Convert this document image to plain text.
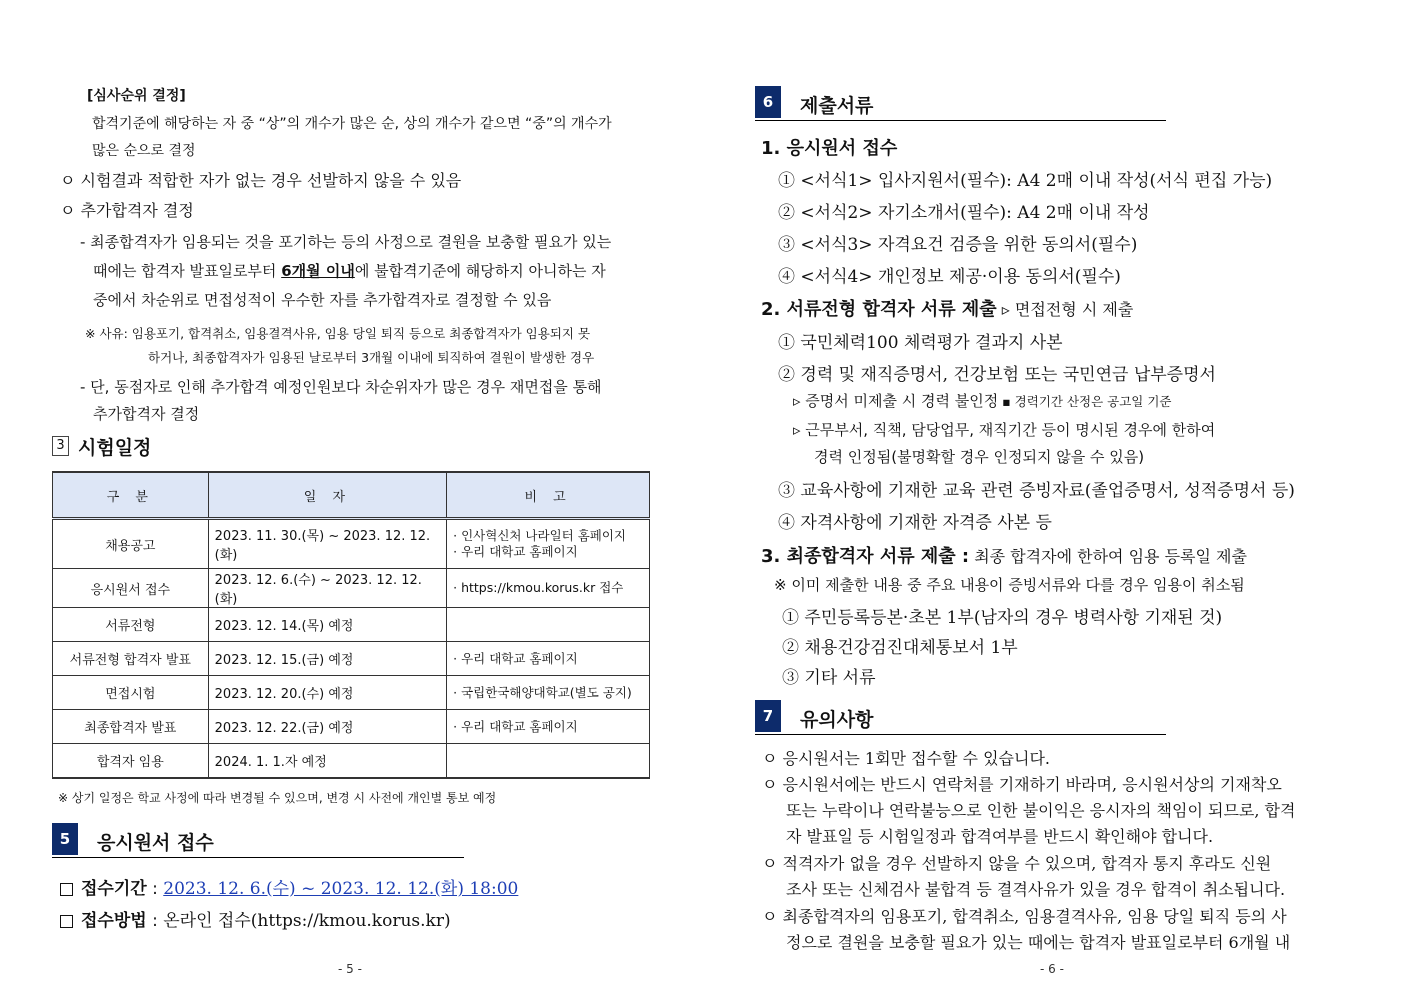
[심사순위 결정]
합격기준에 해당하는 자 중 “상”의 개수가 많은 순, 상의 개수가 같으면 “중”의 개수가
많은 순으로 결정
ㅇ 시험결과 적합한 자가 없는 경우 선발하지 않을 수 있음
ㅇ 추가합격자 결정
- 최종합격자가 임용되는 것을 포기하는 등의 사정으로 결원을 보충할 필요가 있는
때에는 합격자 발표일로부터 6개월 이내에 불합격기준에 해당하지 아니하는 자
중에서 차순위로 면접성적이 우수한 자를 추가합격자로 결정할 수 있음
※ 사유: 임용포기, 합격취소, 임용결격사유, 임용 당일 퇴직 등으로 최종합격자가 임용되지 못
하거나, 최종합격자가 임용된 날로부터 3개월 이내에 퇴직하여 결원이 발생한 경우
- 단, 동점자로 인해 추가합격 예정인원보다 차순위자가 많은 경우 재면접을 통해
추가합격자 결정
3 시험일정
구 분	일 자	비 고
채용공고	2023. 11. 30.(목) ~ 2023. 12. 12.(화)	· 인사혁신처 나라일터 홈페이지
· 우리 대학교 홈페이지

응시원서 접수	2023. 12. 6.(수) ~ 2023. 12. 12.(화)	· https://kmou.korus.kr 접수
서류전형	2023. 12. 14.(목) 예정	
서류전형 합격자 발표	2023. 12. 15.(금) 예정	· 우리 대학교 홈페이지
면접시험	2023. 12. 20.(수) 예정	· 국립한국해양대학교(별도 공지)
최종합격자 발표	2023. 12. 22.(금) 예정	· 우리 대학교 홈페이지
합격자 임용	2024. 1. 1.자 예정	
※ 상기 일정은 학교 사정에 따라 변경될 수 있으며, 변경 시 사전에 개인별 통보 예정
5	응시원서 접수
접수기간 : 2023. 12. 6.(수) ~ 2023. 12. 12.(화) 18:00
접수방법 : 온라인 접수(https://kmou.korus.kr)
- 5 -
6	제출서류
1. 응시원서 접수
① <서식1> 입사지원서(필수): A4 2매 이내 작성(서식 편집 가능)
② <서식2> 자기소개서(필수): A4 2매 이내 작성
③ <서식3> 자격요건 검증을 위한 동의서(필수)
④ <서식4> 개인정보 제공·이용 동의서(필수)
2. 서류전형 합격자 서류 제출 ▹ 면접전형 시 제출
① 국민체력100 체력평가 결과지 사본
② 경력 및 재직증명서, 건강보험 또는 국민연금 납부증명서
▹ 증명서 미제출 시 경력 불인정 ▪ 경력기간 산정은 공고일 기준
▹ 근무부서, 직책, 담당업무, 재직기간 등이 명시된 경우에 한하여
경력 인정됨(불명확할 경우 인정되지 않을 수 있음)
③ 교육사항에 기재한 교육 관련 증빙자료(졸업증명서, 성적증명서 등)
④ 자격사항에 기재한 자격증 사본 등
3. 최종합격자 서류 제출 : 최종 합격자에 한하여 임용 등록일 제출
※ 이미 제출한 내용 중 주요 내용이 증빙서류와 다를 경우 임용이 취소됨
① 주민등록등본·초본 1부(남자의 경우 병력사항 기재된 것)
② 채용건강검진대체통보서 1부
③ 기타 서류
7	유의사항
ㅇ 응시원서는 1회만 접수할 수 있습니다.
ㅇ 응시원서에는 반드시 연락처를 기재하기 바라며, 응시원서상의 기재착오
또는 누락이나 연락불능으로 인한 불이익은 응시자의 책임이 되므로, 합격
자 발표일 등 시험일정과 합격여부를 반드시 확인해야 합니다.
ㅇ 적격자가 없을 경우 선발하지 않을 수 있으며, 합격자 통지 후라도 신원
조사 또는 신체검사 불합격 등 결격사유가 있을 경우 합격이 취소됩니다.
ㅇ 최종합격자의 임용포기, 합격취소, 임용결격사유, 임용 당일 퇴직 등의 사
정으로 결원을 보충할 필요가 있는 때에는 합격자 발표일로부터 6개월 내
- 6 -
